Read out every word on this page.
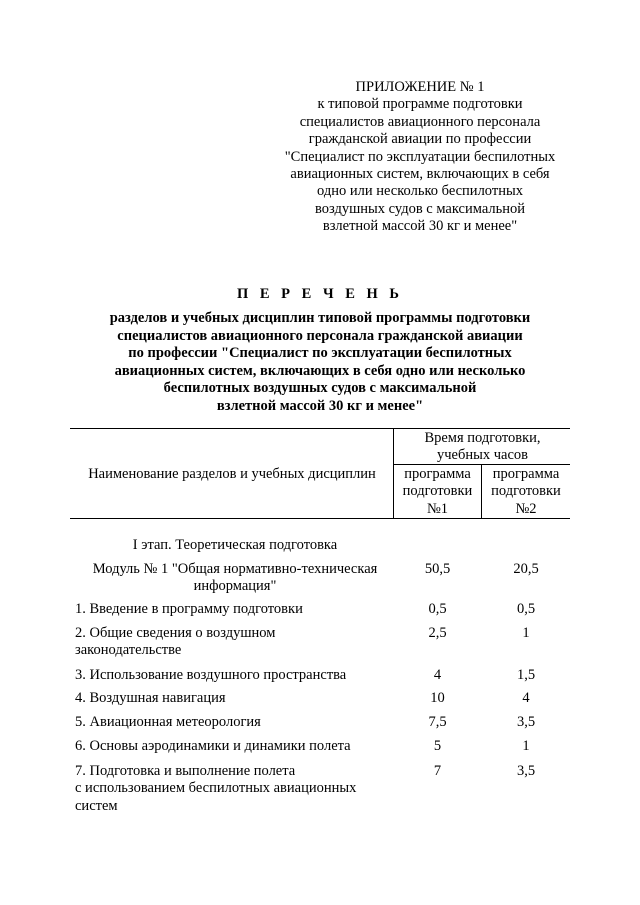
ПРИЛОЖЕНИЕ № 1
к типовой программе подготовки
специалистов авиационного персонала
гражданской авиации по профессии
"Специалист по эксплуатации беспилотных
авиационных систем, включающих в себя
одно или несколько беспилотных
воздушных судов с максимальной
взлетной массой 30 кг и менее"
П Е Р Е Ч Е Н Ь
разделов и учебных дисциплин типовой программы подготовки
специалистов авиационного персонала гражданской авиации
по профессии "Специалист по эксплуатации беспилотных
авиационных систем, включающих в себя одно или несколько
беспилотных воздушных судов с максимальной
взлетной массой 30 кг и менее"
Наименование разделов и учебных дисциплин
Время подготовки,
учебных часов
программа
подготовки
№1
программа
подготовки
№2
I этап. Теоретическая подготовка
Модуль № 1 "Общая нормативно-техническая
информация"
50,5	20,5
1. Введение в программу подготовки	0,5	0,5
2. Общие сведения о воздушном
законодательстве
2,5	1
3. Использование воздушного пространства	4	1,5
4. Воздушная навигация	10	4
5. Авиационная метеорология	7,5	3,5
6. Основы аэродинамики и динамики полета	5	1
7. Подготовка и выполнение полета
с использованием беспилотных авиационных
систем
7	3,5
